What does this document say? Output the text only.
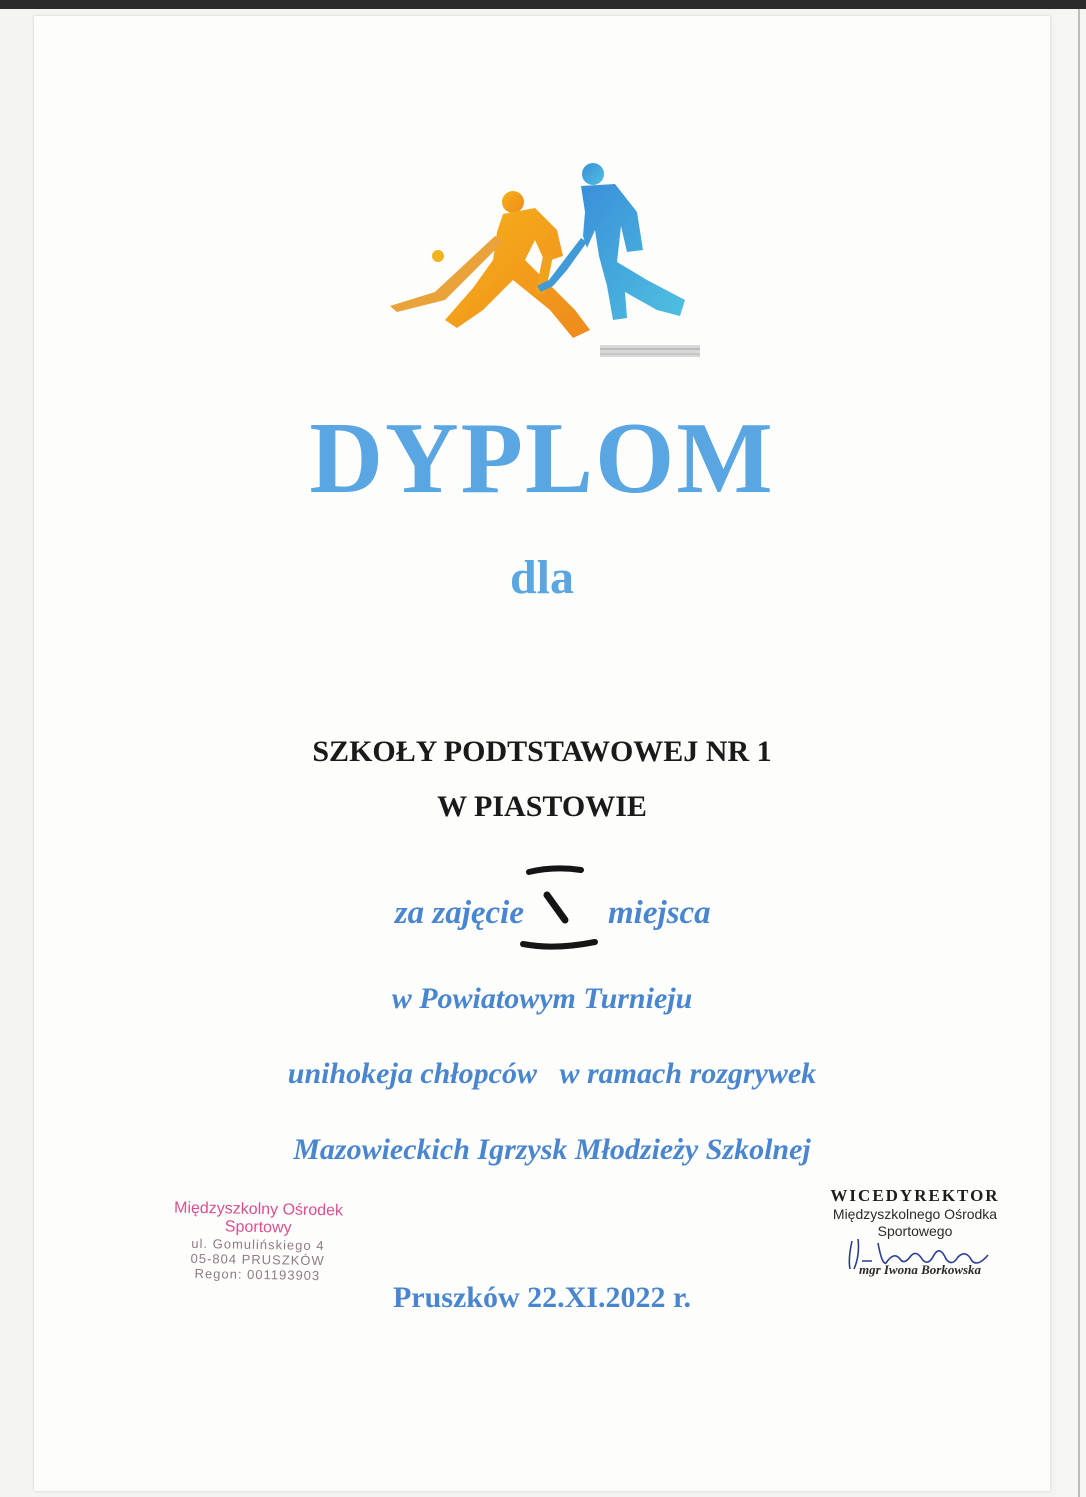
DYPLOM
dla
SZKOŁY PODTSTAWOWEJ NR 1
W PIASTOWIE
za zajęcie	miejsca
w Powiatowym Turnieju
unihokeja chłopców   w ramach rozgrywek
Mazowieckich Igrzysk Młodzieży Szkolnej
Międzyszkolny Ośrodek Sportowy
ul. Gomulińskiego 4
05-804 PRUSZKÓW
Regon: 001193903
WICEDYREKTOR
Międzyszkolnego Ośrodka
Sportowego
mgr Iwona Borkowska
Pruszków 22.XI.2022 r.
